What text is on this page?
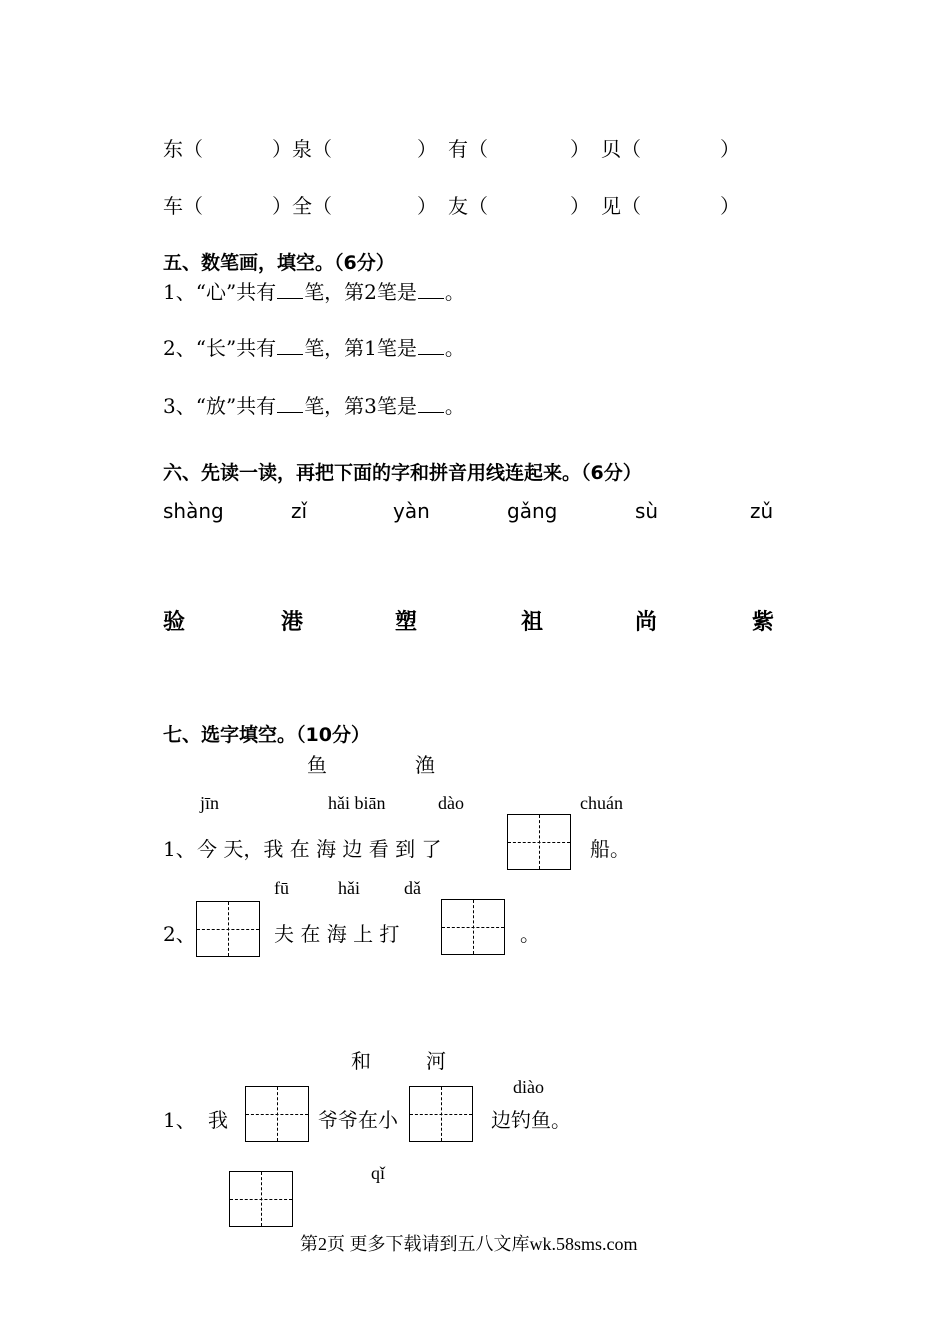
东（	）泉（	） 有（	） 贝（	）
车（	）全（	） 友（	） 见（	）
五、数笔画，填空。（6分）
1、“心”共有 笔，第2笔是 。
2、“长”共有 笔，第1笔是 。
3、“放”共有 笔，第3笔是 。
六、先读一读，再把下面的字和拼音用线连起来。（6分）
shàng	zǐ	yàn	gǎng	sù	zǔ
验	港	塑	祖	尚	紫
七、选字填空。（10分）
鱼	渔
jīn	hǎi biān	dào	chuán
1、 今 天，我 在 海 边 看 到 了	船。
fū	hǎi dǎ
2、	夫 在 海 上 打	。
和	河
diào
1、 我	爷爷在小	边钓鱼。
qǐ
第2页 更多下载请到五八文库wk.58sms.com
